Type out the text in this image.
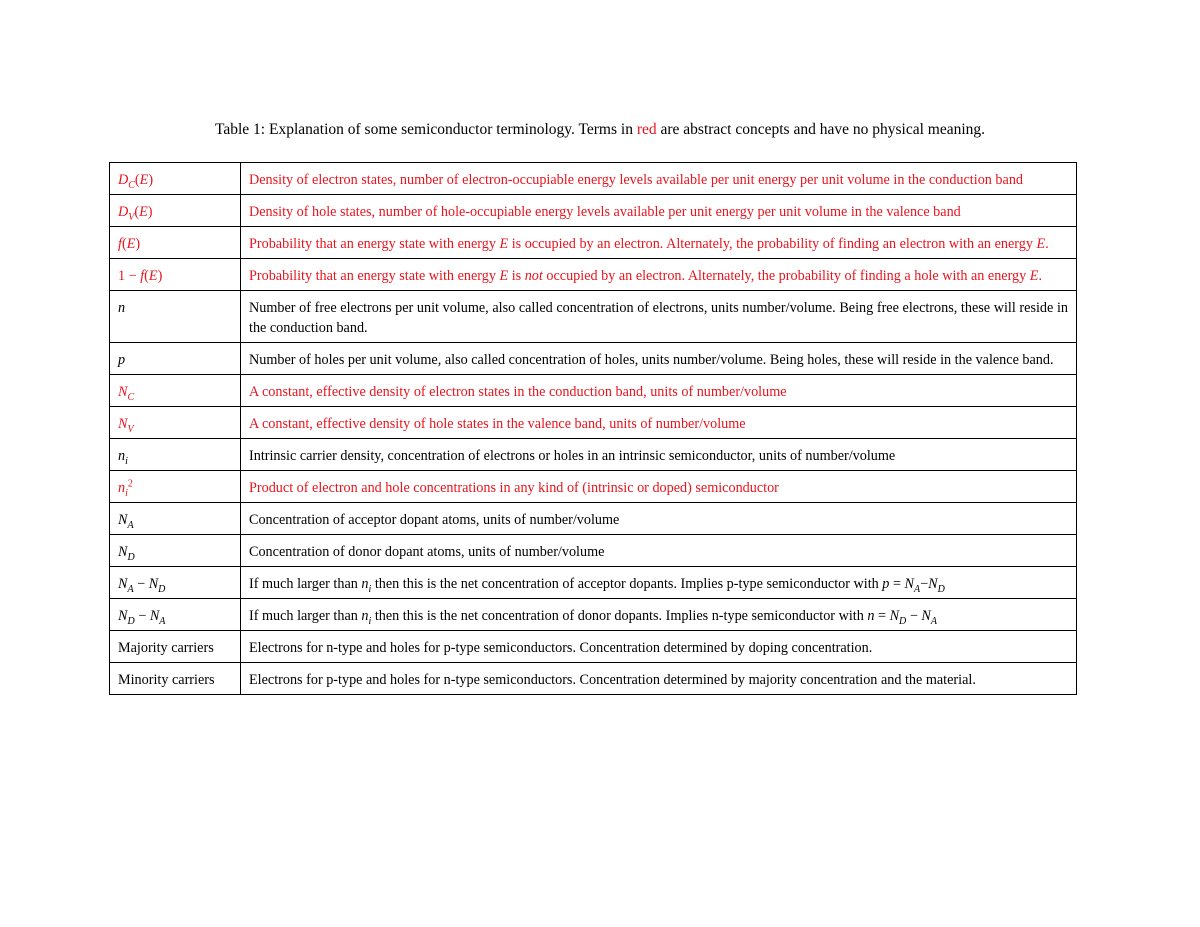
Table 1: Explanation of some semiconductor terminology. Terms in red are abstract concepts and have no physical meaning.
$D_C(E)$	Density of electron states, number of electron-occupiable energy levels available per unit energy per unit volume in the conduction band
$D_V(E)$	Density of hole states, number of hole-occupiable energy levels available per unit energy per unit volume in the valence band
f(E)	Probability that an energy state with energy E is occupied by an electron. Alternately, the probability of finding an electron with an energy E.
1 − f(E)	Probability that an energy state with energy E is not occupied by an electron. Alternately, the probability of finding a hole with an energy E.
n	Number of free electrons per unit volume, also called concentration of electrons, units number/volume. Being free electrons, these will reside in the conduction band.
p	Number of holes per unit volume, also called concentration of holes, units number/volume. Being holes, these will reside in the valence band.
$N_C$	A constant, effective density of electron states in the conduction band, units of number/volume
$N_V$	A constant, effective density of hole states in the valence band, units of number/volume
$n_i$	Intrinsic carrier density, concentration of electrons or holes in an intrinsic semiconductor, units of number/volume
$n_i^2$	Product of electron and hole concentrations in any kind of (intrinsic or doped) semiconductor
$N_A$	Concentration of acceptor dopant atoms, units of number/volume
$N_D$	Concentration of donor dopant atoms, units of number/volume
$N_A - N_D$	If much larger than $n_i$ then this is the net concentration of acceptor dopants. Implies p-type semiconductor with $p = N_A-N_D$
$N_D - N_A$	If much larger than $n_i$ then this is the net concentration of donor dopants. Implies n-type semiconductor with $n = N_D - N_A$
Majority carriers	Electrons for n-type and holes for p-type semiconductors. Concentration determined by doping concentration.
Minority carriers	Electrons for p-type and holes for n-type semiconductors. Concentration determined by majority concentration and the material.
